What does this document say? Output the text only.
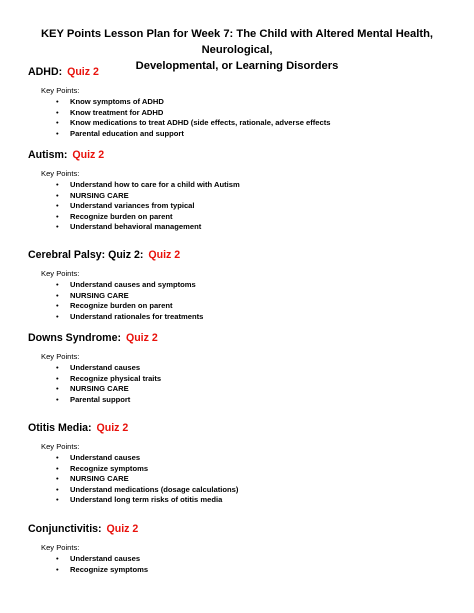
KEY Points Lesson Plan for Week 7: The Child with Altered Mental Health, Neurological,
Developmental, or Learning Disorders
ADHD: Quiz 2
Key Points:
• Know symptoms of ADHD
• Know treatment for ADHD
• Know medications to treat ADHD (side effects, rationale, adverse effects
• Parental education and support
Autism: Quiz 2
Key Points:
• Understand how to care for a child with Autism
• NURSING CARE
• Understand variances from typical
• Recognize burden on parent
• Understand behavioral management
Cerebral Palsy: Quiz 2: Quiz 2
Key Points:
• Understand causes and symptoms
• NURSING CARE
• Recognize burden on parent
• Understand rationales for treatments
Downs Syndrome: Quiz 2
Key Points:
• Understand causes
• Recognize physical traits
• NURSING CARE
• Parental support
Otitis Media: Quiz 2
Key Points:
• Understand causes
• Recognize symptoms
• NURSING CARE
• Understand medications (dosage calculations)
• Understand long term risks of otitis media
Conjunctivitis: Quiz 2
Key Points:
• Understand causes
• Recognize symptoms
